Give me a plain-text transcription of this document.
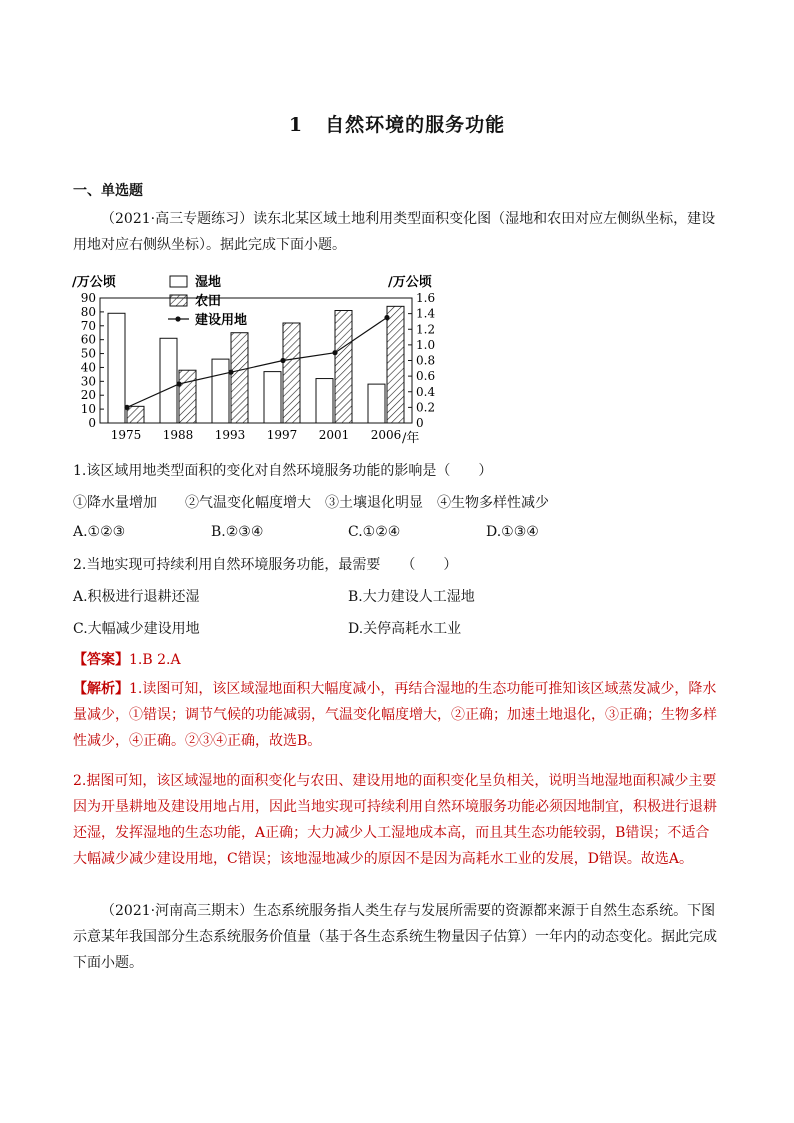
1 自然环境的服务功能
一、单选题

（2021·高三专题练习）读东北某区域土地利用类型面积变化图（湿地和农田对应左侧纵坐标，建设用地对应右侧纵坐标）。据此完成下面小题。

/万公顷	/万公顷
/年
0
10
20
30
40
50
60
70
80
90
0
0.2
0.4
0.6
0.8
1.0
1.2
1.4
1.6
1975 1988 1993 1997 2001 2006
湿地
农田
建设用地
1.该区域用地类型面积的变化对自然环境服务功能的影响是（　　）
①降水量增加　　②气温变化幅度增大　③土壤退化明显　④生物多样性减少
A.①②③	B.②③④	C.①②④	D.①③④
2.当地实现可持续利用自然环境服务功能，最需要　　（　　）
A.积极进行退耕还湿	B.大力建设人工湿地
C.大幅减少建设用地	D.关停高耗水工业
【答案】1.B 2.A

【解析】1.读图可知，该区域湿地面积大幅度减小，再结合湿地的生态功能可推知该区域蒸发减少，降水量减少，①错误；调节气候的功能减弱，气温变化幅度增大，②正确；加速土地退化，③正确；生物多样性减少，④正确。②③④正确，故选B。

2.据图可知，该区域湿地的面积变化与农田、建设用地的面积变化呈负相关，说明当地湿地面积减少主要因为开垦耕地及建设用地占用，因此当地实现可持续利用自然环境服务功能必须因地制宜，积极进行退耕还湿，发挥湿地的生态功能，A正确；大力减少人工湿地成本高，而且其生态功能较弱，B错误；不适合大幅减少减少建设用地，C错误；该地湿地减少的原因不是因为高耗水工业的发展，D错误。故选A。

（2021·河南高三期末）生态系统服务指人类生存与发展所需要的资源都来源于自然生态系统。下图示意某年我国部分生态系统服务价值量（基于各生态系统生物量因子估算）一年内的动态变化。据此完成下面小题。
